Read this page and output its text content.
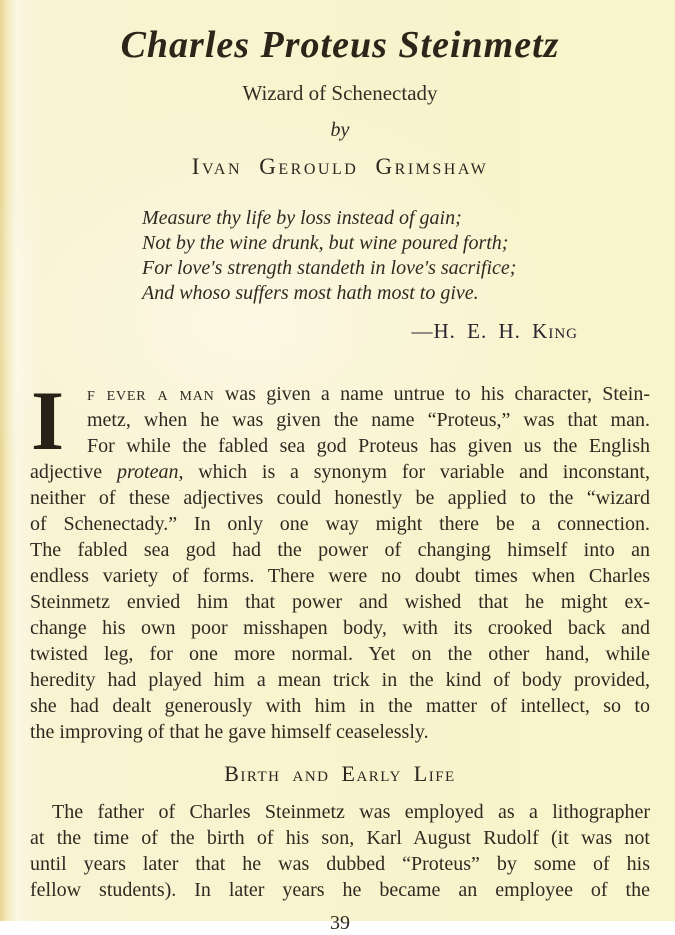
Charles Proteus Steinmetz
Wizard of Schenectady
by
Ivan Gerould Grimshaw
Measure thy life by loss instead of gain;
Not by the wine drunk, but wine poured forth;
For love's strength standeth in love's sacrifice;
And whoso suffers most hath most to give.
—H. E. H. King
I f ever a man was given a name untrue to his character, Stein-
metz, when he was given the name “Proteus,” was that man.
For while the fabled sea god Proteus has given us the English
adjective protean, which is a synonym for variable and inconstant,
neither of these adjectives could honestly be applied to the “wizard
of Schenectady.” In only one way might there be a connection.
The fabled sea god had the power of changing himself into an
endless variety of forms. There were no doubt times when Charles
Steinmetz envied him that power and wished that he might ex-
change his own poor misshapen body, with its crooked back and
twisted leg, for one more normal. Yet on the other hand, while
heredity had played him a mean trick in the kind of body provided,
she had dealt generously with him in the matter of intellect, so to
the improving of that he gave himself ceaselessly.
Birth and Early Life
The father of Charles Steinmetz was employed as a lithographer
at the time of the birth of his son, Karl August Rudolf (it was not
until years later that he was dubbed “Proteus” by some of his
fellow students). In later years he became an employee of the
39
